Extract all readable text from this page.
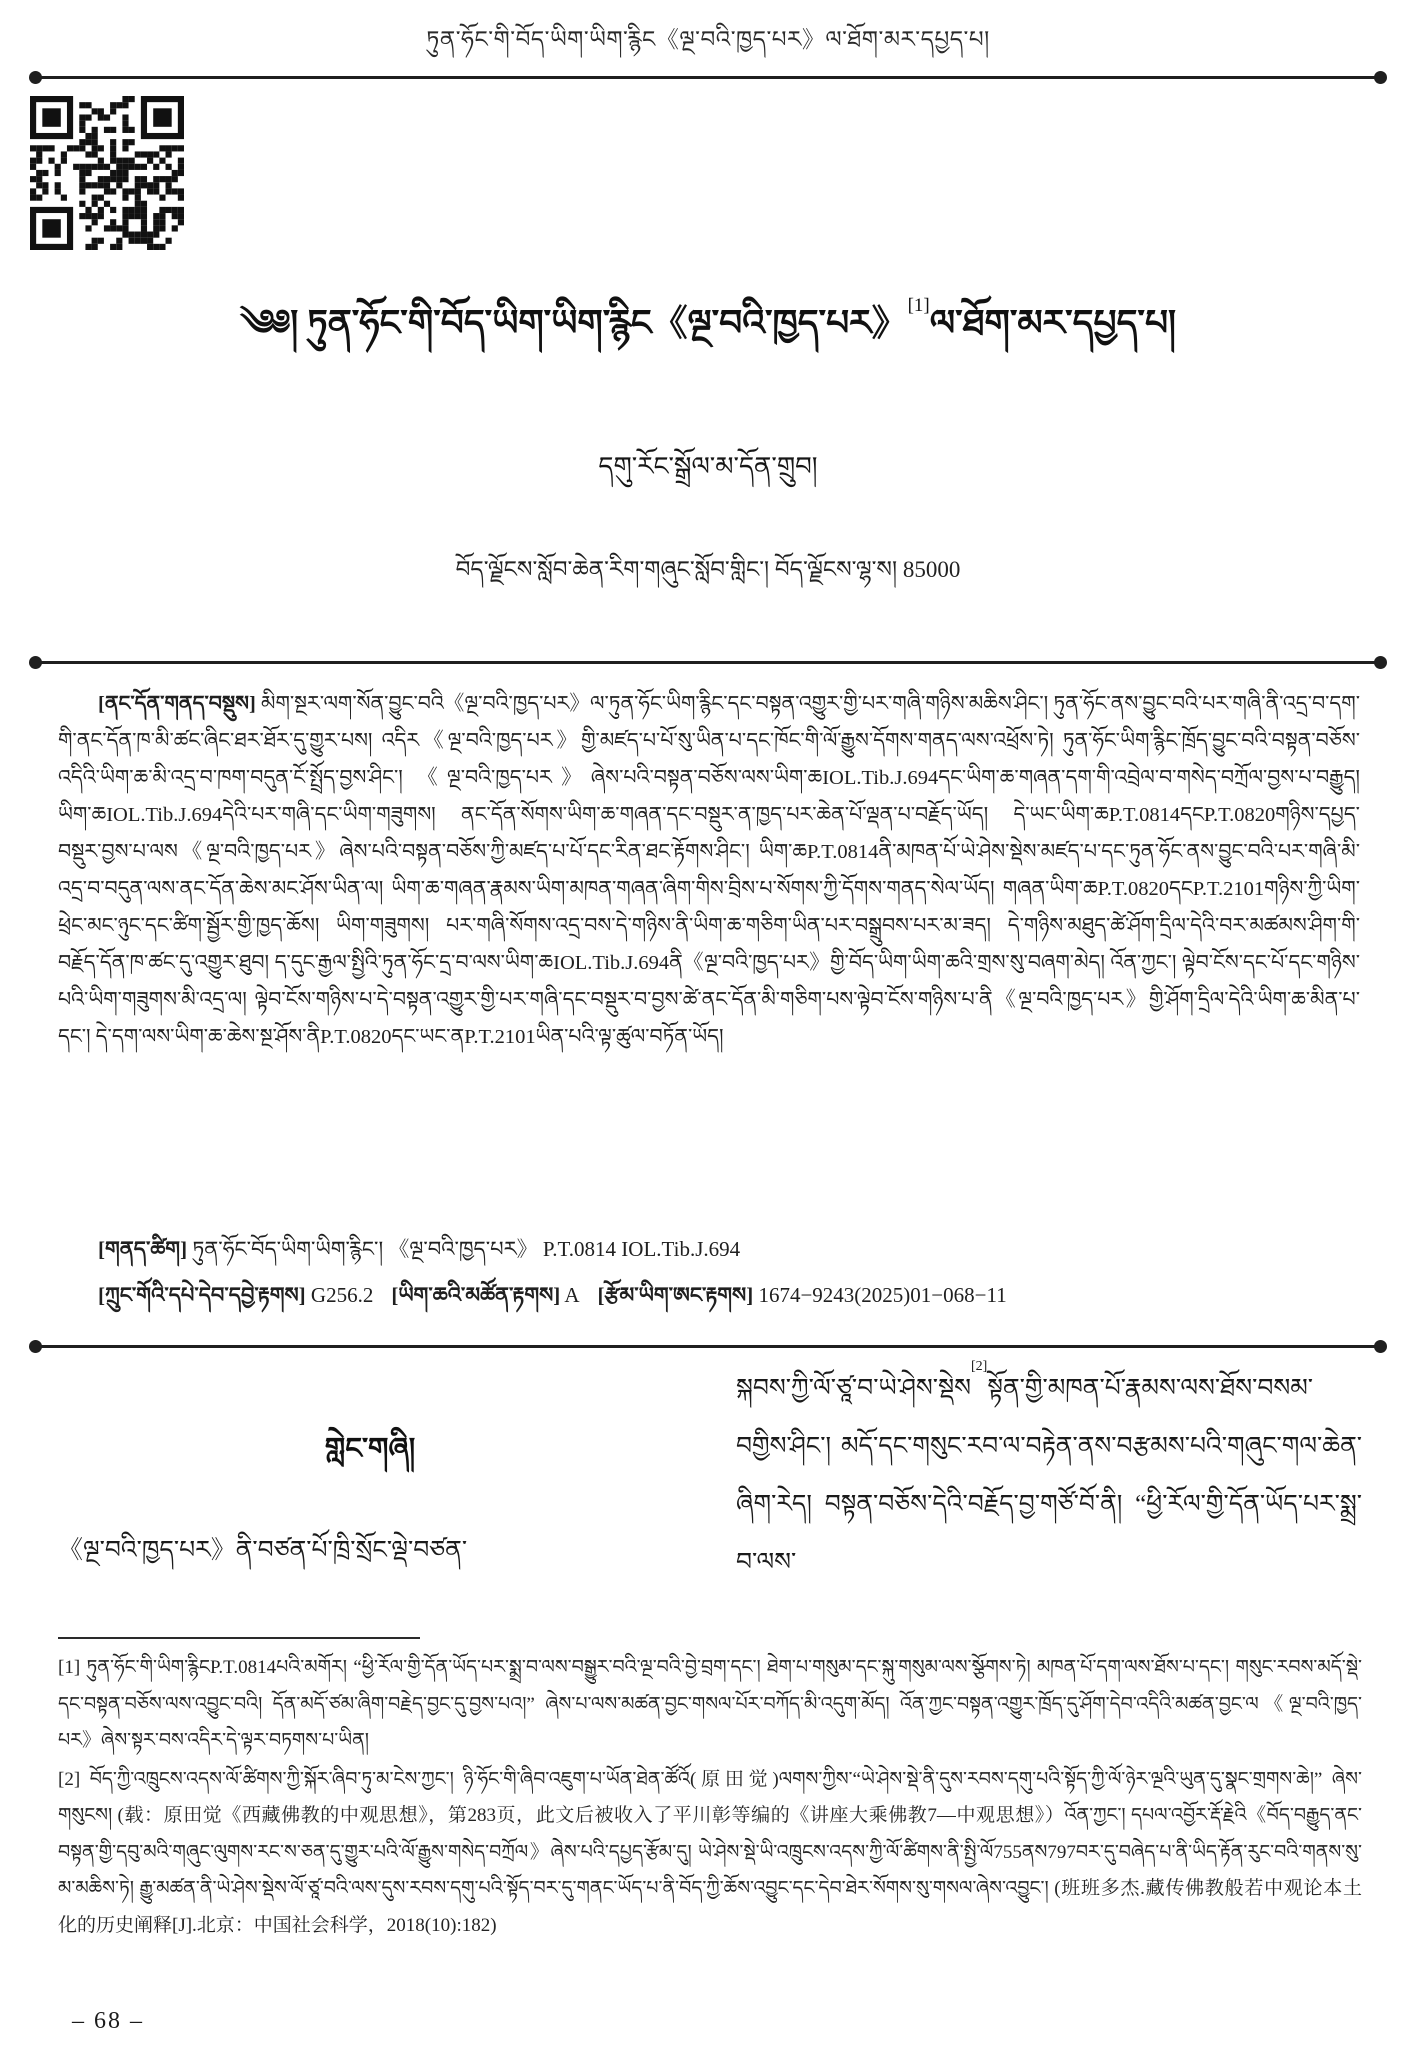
ཏུན་ཧོང་གི་བོད་ཡིག་ཡིག་རྙིང《ལྔ་བའི་ཁྱད་པར》ལ་ཐོག་མར་དཔྱད་པ།
༄༅། ཏུན་ཧོང་གི་བོད་ཡིག་ཡིག་རྙིང《ལྔ་བའི་ཁྱད་པར》[1]ལ་ཐོག་མར་དཔྱད་པ།
དགུ་རོང་སྒྲོལ་མ་དོན་གྲུབ།
བོད་ལྗོངས་སློབ་ཆེན་རིག་གཞུང་སློབ་གླིང་། བོད་ལྗོངས་ལྷ་ས། 85000

[ནང་དོན་གནད་བསྡུས] མིག་སྔར་ལག་སོན་བྱུང་བའི《ལྔ་བའི་ཁྱད་པར》ལ་ཏུན་ཧོང་ཡིག་རྙིང་དང་བསྟན་འགྱུར་གྱི་པར་གཞི་གཉིས་མཆིས་ཤིང་། ཏུན་ཧོང་ནས་བྱུང་བའི་པར་གཞི་ནི་འདྲ་བ་དག་གི་ནང་དོན་ཁ་མི་ཚང་ཞིང་ཐར་ཐོར་དུ་གྱུར་པས། འདིར《ལྔ་བའི་ཁྱད་པར》གྱི་མཛད་པ་པོ་སུ་ཡིན་པ་དང་ཁོང་གི་ལོ་རྒྱུས་དོགས་གནད་ལས་འཕྲོས་ཏེ། ཏུན་ཧོང་ཡིག་རྙིང་ཁྲོད་བྱུང་བའི་བསྟན་བཅོས་འདིའི་ཡིག་ཆ་མི་འདྲ་བ་ཁག་བདུན་ངོ་སྤྲོད་བྱས་ཤིང་། 《ལྔ་བའི་ཁྱད་པར》ཞེས་པའི་བསྟན་བཅོས་ལས་ཡིག་ཆIOL.Tib.J.694དང་ཡིག་ཆ་གཞན་དག་གི་འབྲེལ་བ་གསེད་བཀྲོལ་བྱས་པ་བརྒྱུད། ཡིག་ཆIOL.Tib.J.694དེའི་པར་གཞི་དང་ཡིག་གཟུགས། ནང་དོན་སོགས་ཡིག་ཆ་གཞན་དང་བསྡུར་ན་ཁྱད་པར་ཆེན་པོ་ལྡན་པ་བརྗོད་ཡོད། དེ་ཡང་ཡིག་ཆP.T.0814དངP.T.0820གཉིས་དཔྱད་བསྡུར་བྱས་པ་ལས《ལྔ་བའི་ཁྱད་པར》ཞེས་པའི་བསྟན་བཅོས་ཀྱི་མཛད་པ་པོ་དང་རིན་ཐང་རྟོགས་ཤིང་། ཡིག་ཆP.T.0814ནི་མཁན་པོ་ཡེ་ཤེས་སྡེས་མཛད་པ་དང་ཏུན་ཧོང་ནས་བྱུང་བའི་པར་གཞི་མི་འདྲ་བ་བདུན་ལས་ནང་དོན་ཆེས་མང་ཤོས་ཡིན་ལ། ཡིག་ཆ་གཞན་རྣམས་ཡིག་མཁན་གཞན་ཞིག་གིས་བྲིས་པ་སོགས་ཀྱི་དོགས་གནད་སེལ་ཡོད། གཞན་ཡིག་ཆP.T.0820དངP.T.2101གཉིས་ཀྱི་ཡིག་ཕྲེང་མང་ཉུང་དང་ཚིག་སྦྱོར་གྱི་ཁྱད་ཆོས། ཡིག་གཟུགས། པར་གཞི་སོགས་འདྲ་བས་དེ་གཉིས་ནི་ཡིག་ཆ་གཅིག་ཡིན་པར་བསྒྲུབས་པར་མ་ཟད། དེ་གཉིས་མཐུད་ཚེ་ཤོག་དྲིལ་དེའི་བར་མཚམས་ཤིག་གི་བརྗོད་དོན་ཁ་ཚང་དུ་འགྱུར་ཐུབ། ད་དུང་རྒྱལ་སྤྱིའི་ཏུན་ཧོང་དྲ་བ་ལས་ཡིག་ཆIOL.Tib.J.694ནི《ལྔ་བའི་ཁྱད་པར》གྱི་བོད་ཡིག་ཡིག་ཆའི་གྲས་སུ་བཞག་མེད། འོན་ཀྱང་། ལྟེབ་ངོས་དང་པོ་དང་གཉིས་པའི་ཡིག་གཟུགས་མི་འདྲ་ལ། ལྟེབ་ངོས་གཉིས་པ་དེ་བསྟན་འགྱུར་གྱི་པར་གཞི་དང་བསྡུར་བ་བྱས་ཚེ་ནང་དོན་མི་གཅིག་པས་ལྟེབ་ངོས་གཉིས་པ་ནི《ལྔ་བའི་ཁྱད་པར》གྱི་ཤོག་དྲིལ་དེའི་ཡིག་ཆ་མིན་པ་དང་། དེ་དག་ལས་ཡིག་ཆ་ཆེས་སྔ་ཤོས་ནིP.T.0820དང་ཡང་ནP.T.2101ཡིན་པའི་ལྟ་ཚུལ་བཏོན་ཡོད།

[གནད་ཚིག] ཏུན་ཧོང་བོད་ཡིག་ཡིག་རྙིང་། 《ལྔ་བའི་ཁྱད་པར》 P.T.0814 IOL.Tib.J.694

[ཀྲུང་གོའི་དཔེ་དེབ་དབྱེ་རྟགས] G256.2 [ཡིག་ཆའི་མཚོན་རྟགས] A [རྩོམ་ཡིག་ཨང་རྟགས] 1674−9243(2025)01−068−11

གླེང་གཞི།

《ལྔ་བའི་ཁྱད་པར》ནི་བཙན་པོ་ཁྲི་སྲོང་ལྡེ་བཙན་

སྐབས་ཀྱི་ལོ་ཙཱ་བ་ཡེ་ཤེས་སྡེས[2]སྟོན་གྱི་མཁན་པོ་རྣམས་ལས་ཐོས་བསམ་བགྱིས་ཤིང་། མདོ་དང་གསུང་རབ་ལ་བརྟེན་ནས་བརྩམས་པའི་གཞུང་གལ་ཆེན་ཞིག་རེད། བསྟན་བཅོས་དེའི་བརྗོད་བྱ་གཙོ་བོ་ནི། “ཕྱི་རོལ་གྱི་དོན་ཡོད་པར་སྨྲ་བ་ལས་

[1] ཏུན་ཧོང་གི་ཡིག་རྙིངP.T.0814པའི་མགོར། “ཕྱི་རོལ་གྱི་དོན་ཡོད་པར་སྨྲ་བ་ལས་བསྒྱུར་བའི་ལྔ་བའི་བྱེ་བྲག་དང་། ཐེག་པ་གསུམ་དང་སྐུ་གསུམ་ལས་སྩོགས་ཏེ། མཁན་པོ་དག་ལས་ཐོས་པ་དང་། གསུང་རབས་མདོ་སྡེ་དང་བསྟན་བཅོས་ལས་འབྱུང་བའི། དོན་མདོ་ཙམ་ཞིག་བརྗེད་བྱང་དུ་བྱས་པའ།” ཞེས་པ་ལས་མཚན་བྱང་གསལ་པོར་བཀོད་མི་འདུག་མོད། འོན་ཀྱང་བསྟན་འགྱུར་ཁྲོད་དུ་ཤོག་དེབ་འདིའི་མཚན་བྱང་ལ《ལྔ་བའི་ཁྱད་པར》ཞེས་སྟར་བས་འདིར་དེ་ལྟར་བཏགས་པ་ཡིན།

[2] བོད་ཀྱི་འཁྲུངས་འདས་ལོ་ཚིགས་ཀྱི་སྐོར་ཞིབ་ཏུ་མ་ངེས་ཀྱང་། ཉི་ཧོང་གི་ཞིབ་འཇུག་པ་ཡོན་ཐེན་ཚོའོ(原田觉)ལགས་ཀྱིས་“ཡེ་ཤེས་སྡེ་ནི་དུས་རབས་དགུ་པའི་སྟོད་ཀྱི་ལོ་ཉེར་ལྔའི་ཡུན་དུ་སྣང་གྲགས་ཆེ།” ཞེས་གསུངས། (载：原田觉《西藏佛教的中观思想》，第283页，此文后被收入了平川彰等编的《讲座大乘佛教7—中观思想》）འོན་ཀྱང་། དཔལ་འབྱོར་རྡོ་རྗེའི《བོད་བརྒྱུད་ནང་བསྟན་གྱི་དབུ་མའི་གཞུང་ལུགས་རང་ས་ཅན་དུ་གྱུར་པའི་ལོ་རྒྱུས་གསེད་བཀྲོལ》ཞེས་པའི་དཔྱད་རྩོམ་དུ། ཡེ་ཤེས་སྡེ་ཡི་འཁྲུངས་འདས་ཀྱི་ལོ་ཚིགས་ནི་སྤྱི་ལོ755ནས797བར་དུ་བཞེད་པ་ནི་ཡིད་རྟོན་རུང་བའི་གནས་སུ་མ་མཆིས་ཏེ། རྒྱུ་མཚན་ནི་ཡེ་ཤེས་སྡེས་ལོ་ཙཱ་བའི་ལས་དུས་རབས་དགུ་པའི་སྟོད་བར་དུ་གནང་ཡོད་པ་ནི་བོད་ཀྱི་ཆོས་འབྱུང་དང་དེབ་ཐེར་སོགས་སུ་གསལ་ཞེས་འབྱུང་། (班班多杰.藏传佛教般若中观论本土化的历史阐释[J].北京：中国社会科学，2018(10):182)

– 68 –
